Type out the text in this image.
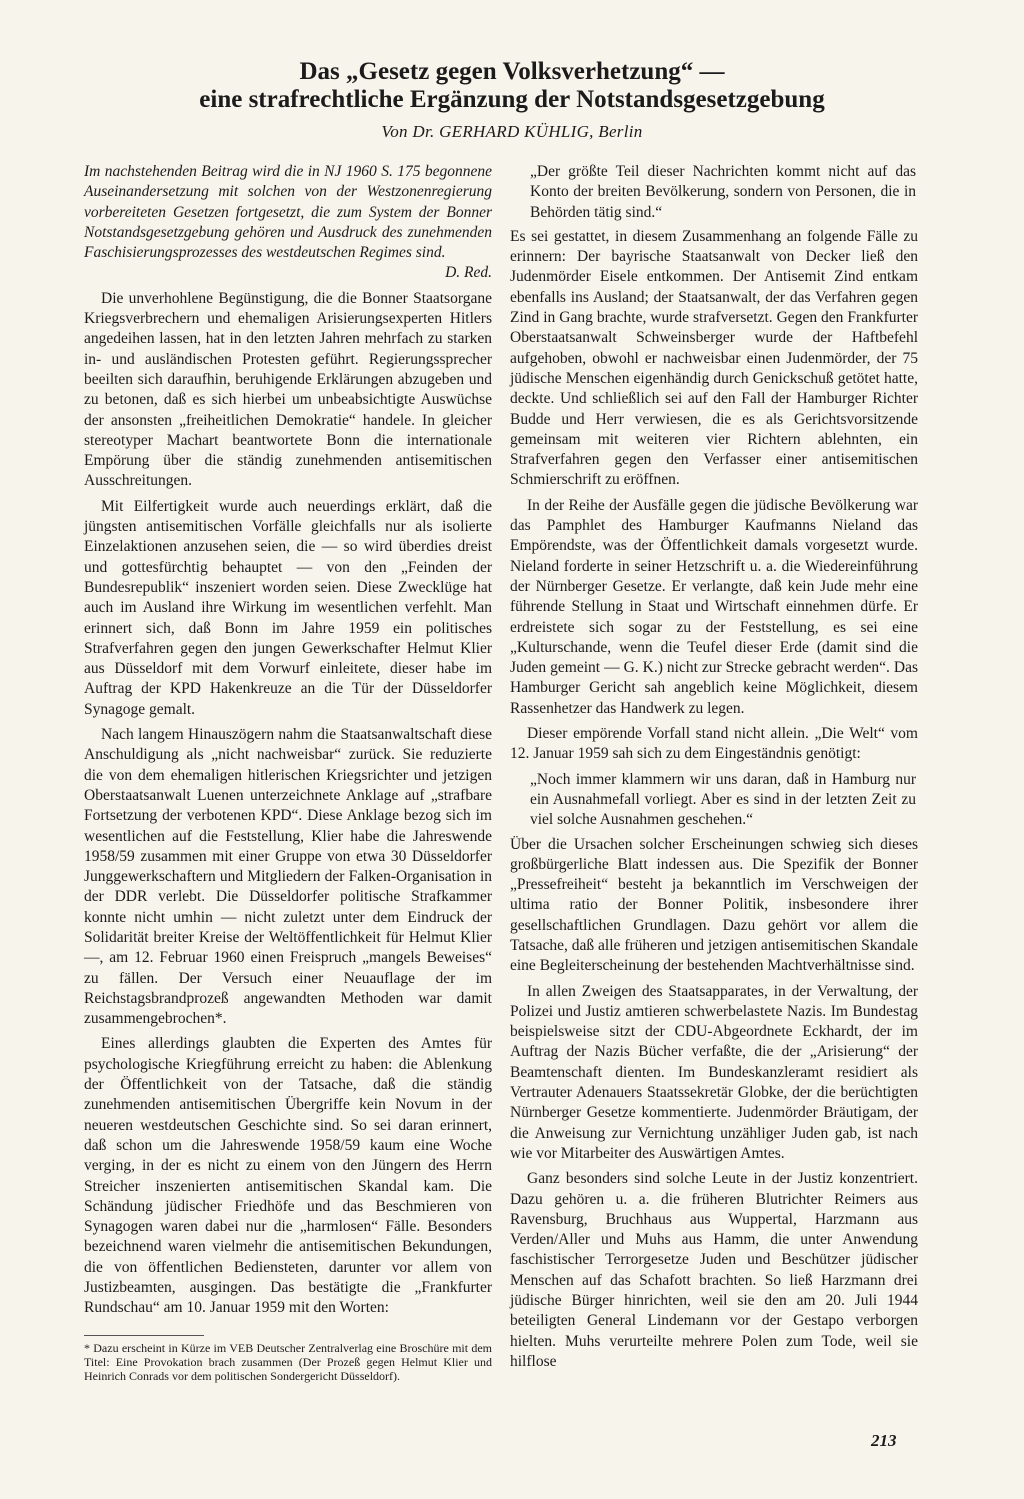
Das „Gesetz gegen Volksverhetzung“ —
eine strafrechtliche Ergänzung der Notstandsgesetzgebung
Von Dr. GERHARD KÜHLIG, Berlin

Im nachstehenden Beitrag wird die in NJ 1960 S. 175 begonnene Auseinandersetzung mit solchen von der Westzonenregierung vorbereiteten Gesetzen fortgesetzt, die zum System der Bonner Notstandsgesetzgebung gehören und Ausdruck des zunehmenden Faschisierungsprozesses des westdeutschen Regimes sind.
D. Red.

Die unverhohlene Begünstigung, die die Bonner Staatsorgane Kriegsverbrechern und ehemaligen Arisierungsexperten Hitlers angedeihen lassen, hat in den letzten Jahren mehrfach zu starken in- und ausländischen Protesten geführt. Regierungssprecher beeilten sich daraufhin, beruhigende Erklärungen abzugeben und zu betonen, daß es sich hierbei um unbeabsichtigte Auswüchse der ansonsten „freiheitlichen Demokratie“ handele. In gleicher stereotyper Machart beantwortete Bonn die internationale Empörung über die ständig zunehmenden antisemitischen Ausschreitungen.

Mit Eilfertigkeit wurde auch neuerdings erklärt, daß die jüngsten antisemitischen Vorfälle gleichfalls nur als isolierte Einzelaktionen anzusehen seien, die — so wird überdies dreist und gottesfürchtig behauptet — von den „Feinden der Bundesrepublik“ inszeniert worden seien. Diese Zwecklüge hat auch im Ausland ihre Wirkung im wesentlichen verfehlt. Man erinnert sich, daß Bonn im Jahre 1959 ein politisches Strafverfahren gegen den jungen Gewerkschafter Helmut Klier aus Düsseldorf mit dem Vorwurf einleitete, dieser habe im Auftrag der KPD Hakenkreuze an die Tür der Düsseldorfer Synagoge gemalt.

Nach langem Hinauszögern nahm die Staatsanwaltschaft diese Anschuldigung als „nicht nachweisbar“ zurück. Sie reduzierte die von dem ehemaligen hitlerischen Kriegsrichter und jetzigen Oberstaatsanwalt Luenen unterzeichnete Anklage auf „strafbare Fortsetzung der verbotenen KPD“. Diese Anklage bezog sich im wesentlichen auf die Feststellung, Klier habe die Jahreswende 1958/59 zusammen mit einer Gruppe von etwa 30 Düsseldorfer Junggewerkschaftern und Mitgliedern der Falken-Organisation in der DDR verlebt. Die Düsseldorfer politische Strafkammer konnte nicht umhin — nicht zuletzt unter dem Eindruck der Solidarität breiter Kreise der Weltöffentlichkeit für Helmut Klier —, am 12. Februar 1960 einen Freispruch „mangels Beweises“ zu fällen. Der Versuch einer Neuauflage der im Reichstagsbrandprozeß angewandten Methoden war damit zusammengebrochen*.

Eines allerdings glaubten die Experten des Amtes für psychologische Kriegführung erreicht zu haben: die Ablenkung der Öffentlichkeit von der Tatsache, daß die ständig zunehmenden antisemitischen Übergriffe kein Novum in der neueren westdeutschen Geschichte sind. So sei daran erinnert, daß schon um die Jahreswende 1958/59 kaum eine Woche verging, in der es nicht zu einem von den Jüngern des Herrn Streicher inszenierten antisemitischen Skandal kam. Die Schändung jüdischer Friedhöfe und das Beschmieren von Synagogen waren dabei nur die „harmlosen“ Fälle. Besonders bezeichnend waren vielmehr die antisemitischen Bekundungen, die von öffentlichen Bediensteten, darunter vor allem von Justizbeamten, ausgingen. Das bestätigte die „Frankfurter Rundschau“ am 10. Januar 1959 mit den Worten:

* Dazu erscheint in Kürze im VEB Deutscher Zentralverlag eine Broschüre mit dem Titel: Eine Provokation brach zusammen (Der Prozeß gegen Helmut Klier und Heinrich Conrads vor dem politischen Sondergericht Düsseldorf).
„Der größte Teil dieser Nachrichten kommt nicht auf das Konto der breiten Bevölkerung, sondern von Personen, die in Behörden tätig sind.“

Es sei gestattet, in diesem Zusammenhang an folgende Fälle zu erinnern: Der bayrische Staatsanwalt von Decker ließ den Judenmörder Eisele entkommen. Der Antisemit Zind entkam ebenfalls ins Ausland; der Staatsanwalt, der das Verfahren gegen Zind in Gang brachte, wurde strafversetzt. Gegen den Frankfurter Oberstaatsanwalt Schweinsberger wurde der Haftbefehl aufgehoben, obwohl er nachweisbar einen Judenmörder, der 75 jüdische Menschen eigenhändig durch Genickschuß getötet hatte, deckte. Und schließlich sei auf den Fall der Hamburger Richter Budde und Herr verwiesen, die es als Gerichtsvorsitzende gemeinsam mit weiteren vier Richtern ablehnten, ein Strafverfahren gegen den Verfasser einer antisemitischen Schmierschrift zu eröffnen.

In der Reihe der Ausfälle gegen die jüdische Bevölkerung war das Pamphlet des Hamburger Kaufmanns Nieland das Empörendste, was der Öffentlichkeit damals vorgesetzt wurde. Nieland forderte in seiner Hetzschrift u. a. die Wiedereinführung der Nürnberger Gesetze. Er verlangte, daß kein Jude mehr eine führende Stellung in Staat und Wirtschaft einnehmen dürfe. Er erdreistete sich sogar zu der Feststellung, es sei eine „Kulturschande, wenn die Teufel dieser Erde (damit sind die Juden gemeint — G. K.) nicht zur Strecke gebracht werden“. Das Hamburger Gericht sah angeblich keine Möglichkeit, diesem Rassenhetzer das Handwerk zu legen.

Dieser empörende Vorfall stand nicht allein. „Die Welt“ vom 12. Januar 1959 sah sich zu dem Eingeständnis genötigt:

„Noch immer klammern wir uns daran, daß in Hamburg nur ein Ausnahmefall vorliegt. Aber es sind in der letzten Zeit zu viel solche Ausnahmen geschehen.“

Über die Ursachen solcher Erscheinungen schwieg sich dieses großbürgerliche Blatt indessen aus. Die Spezifik der Bonner „Pressefreiheit“ besteht ja bekanntlich im Verschweigen der ultima ratio der Bonner Politik, insbesondere ihrer gesellschaftlichen Grundlagen. Dazu gehört vor allem die Tatsache, daß alle früheren und jetzigen antisemitischen Skandale eine Begleiterscheinung der bestehenden Machtverhältnisse sind.

In allen Zweigen des Staatsapparates, in der Verwaltung, der Polizei und Justiz amtieren schwerbelastete Nazis. Im Bundestag beispielsweise sitzt der CDU-Abgeordnete Eckhardt, der im Auftrag der Nazis Bücher verfaßte, die der „Arisierung“ der Beamtenschaft dienten. Im Bundeskanzleramt residiert als Vertrauter Adenauers Staatssekretär Globke, der die berüchtigten Nürnberger Gesetze kommentierte. Judenmörder Bräutigam, der die Anweisung zur Vernichtung unzähliger Juden gab, ist nach wie vor Mitarbeiter des Auswärtigen Amtes.

Ganz besonders sind solche Leute in der Justiz konzentriert. Dazu gehören u. a. die früheren Blutrichter Reimers aus Ravensburg, Bruchhaus aus Wuppertal, Harzmann aus Verden/Aller und Muhs aus Hamm, die unter Anwendung faschistischer Terrorgesetze Juden und Beschützer jüdischer Menschen auf das Schafott brachten. So ließ Harzmann drei jüdische Bürger hinrichten, weil sie den am 20. Juli 1944 beteiligten General Lindemann vor der Gestapo verborgen hielten. Muhs verurteilte mehrere Polen zum Tode, weil sie hilflose

213
